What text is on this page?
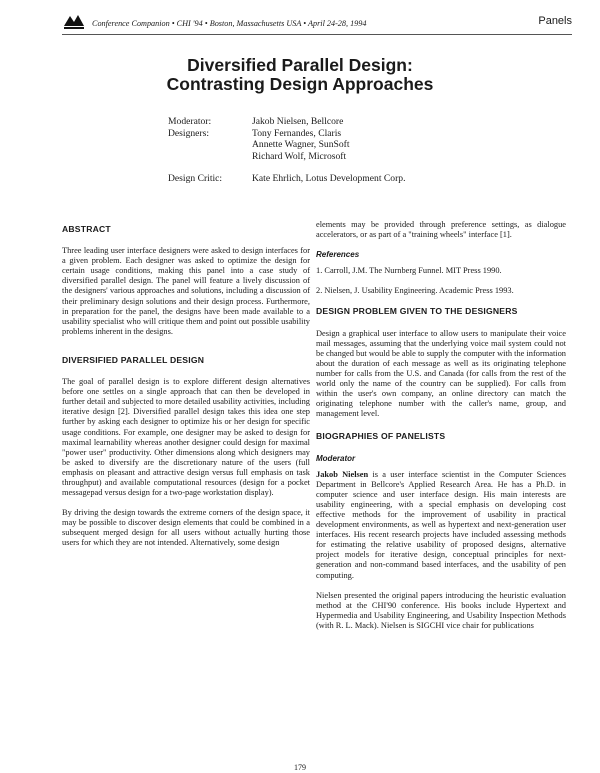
Conference Companion • CHI '94 • Boston, Massachusetts USA • April 24-28, 1994	Panels
Diversified Parallel Design:
Contrasting Design Approaches
Moderator:	Jakob Nielsen, Bellcore
Designers:	Tony Fernandes, Claris
Annette Wagner, SunSoft
Richard Wolf, Microsoft
Design Critic:	Kate Ehrlich, Lotus Development Corp.
ABSTRACT

Three leading user interface designers were asked to design interfaces for a given problem. Each designer was asked to optimize the design for certain usage conditions, making this panel into a case study of diversified parallel design. The panel will feature a lively discussion of the designers' various approaches and solutions, including a discussion of their preliminary design solutions and their design process. Furthermore, in preparation for the panel, the designs have been made available to a usability specialist who will critique them and point out possible usability problems inherent in the designs.

DIVERSIFIED PARALLEL DESIGN

The goal of parallel design is to explore different design alternatives before one settles on a single approach that can then be developed in further detail and subjected to more detailed usability activities, including iterative design [2]. Diversified parallel design takes this idea one step further by asking each designer to optimize his or her design for specific usage conditions. For example, one designer may be asked to design for maximal learnability whereas another designer could design for maximal "power user" productivity. Other dimensions along which designers may be asked to diversify are the discretionary nature of the users (full emphasis on pleasant and attractive design versus full emphasis on task throughput) and available computational resources (design for a pocket messagepad versus design for a two-page workstation display).

By driving the design towards the extreme corners of the design space, it may be possible to discover design elements that could be combined in a subsequent merged design for all users without actually hurting those users for which they are not intended. Alternatively, some design

elements may be provided through preference settings, as dialogue accelerators, or as part of a "training wheels" interface [1].

References

1. Carroll, J.M. The Nurnberg Funnel. MIT Press 1990.

2. Nielsen, J. Usability Engineering. Academic Press 1993.

DESIGN PROBLEM GIVEN TO THE DESIGNERS

Design a graphical user interface to allow users to manipulate their voice mail messages, assuming that the underlying voice mail system could not be changed but would be able to supply the computer with the information about the duration of each message as well as its originating telephone number for calls from the U.S. and Canada (for calls from the rest of the world only the name of the country can be supplied). For calls from within the user's own company, an online directory can match the originating telephone number with the caller's name, group, and management level.

BIOGRAPHIES OF PANELISTS
Moderator

Jakob Nielsen is a user interface scientist in the Computer Sciences Department in Bellcore's Applied Research Area. He has a Ph.D. in computer science and user interface design. His main interests are usability engineering, with a special emphasis on developing cost effective methods for the improvement of usability in practical development environments, as well as hypertext and next-generation user interfaces. His recent research projects have included assessing methods for estimating the relative usability of proposed designs, alternative project models for iterative design, conceptual principles for next-generation and non-command based interfaces, and the usability of pen computing.

Nielsen presented the original papers introducing the heuristic evaluation method at the CHI'90 conference. His books include Hypertext and Hypermedia and Usability Engineering, and Usability Inspection Methods (with R. L. Mack). Nielsen is SIGCHI vice chair for publications

179
